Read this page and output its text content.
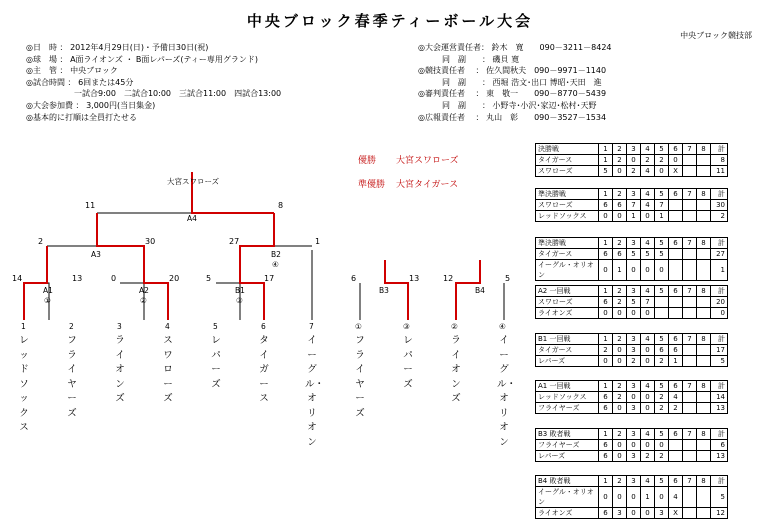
中央ブロック春季ティーボール大会
中央ブロック競技部
◎日　時 ： 2012年4月29日(日)・予備日30日(祝)
◎球　場 ： A面ライオンズ ・ B面レパーズ(ティー専用グランド)
◎主　管 ： 中央ブロック
◎試合時間 ： 6回または45分
　　　　　　一試合9:00　二試合10:00　三試合11:00　四試合13:00
◎大会参加費 ： 3,000円(当日集金)
◎基本的に打順は全員打たせる
◎大会運営責任者： 鈴木　寛　　090－3211－8424
　　　同　副　　： 磯貝 寛
◎競技責任者　 ： 佐久間秋夫　090－9971－1140
　　　同　副　　： 西堀 浩文･出口 博昭･天田　進
◎審判責任者　 ： 東　敬一　　090－8770－5439
　　　同　副　　： 小野寺･小沢･家辺･松村･天野
◎広報責任者　 ： 丸山　彰　　090－3527－1534
優勝 大宮スワローズ
準優勝 大宮タイガース
大宮スワローズ
A4
A3	B2
④
A1
①
A2
②
B1
③
B3	B4
11	8
2	30	27	1
14	13	0	20	5	17	6	13	12	5
1	2	3	4	5	6	7	①	③	②	④
レッドソックス
フライヤーズ
ライオンズ
スワローズ
レパーズ
タイガース
イーグル・オリオン
フライヤーズ
レパーズ
ライオンズ
イーグル・オリオン
決勝戦	1	2	3	4	5	6	7	8	計
タイガース	1	2	0	2	2	0			8
スワローズ	5	0	2	4	0	X			11
準決勝戦	1	2	3	4	5	6	7	8	計
スワローズ	6	6	7	4	7				30
レッドソックス	0	0	1	0	1				2
準決勝戦	1	2	3	4	5	6	7	8	計
タイガース	6	6	5	5	5				27
イーグル・オリオン	0	1	0	0	0				1
A2 一回戦	1	2	3	4	5	6	7	8	計
スワローズ	6	2	5	7					20
ライオンズ	0	0	0	0					0
B1 一回戦	1	2	3	4	5	6	7	8	計
タイガース	2	0	3	0	6	6			17
レパーズ	0	0	2	0	2	1			5
A1 一回戦	1	2	3	4	5	6	7	8	計
レッドソックス	6	2	0	0	2	4			14
フライヤーズ	6	0	3	0	2	2			13
B3 敗者戦	1	2	3	4	5	6	7	8	計
フライヤーズ	6	0	0	0	0				6
レパーズ	6	0	3	2	2				13
B4 敗者戦	1	2	3	4	5	6	7	8	計
イーグル・オリオン	0	0	0	1	0	4			5
ライオンズ	6	3	0	0	3	X			12
